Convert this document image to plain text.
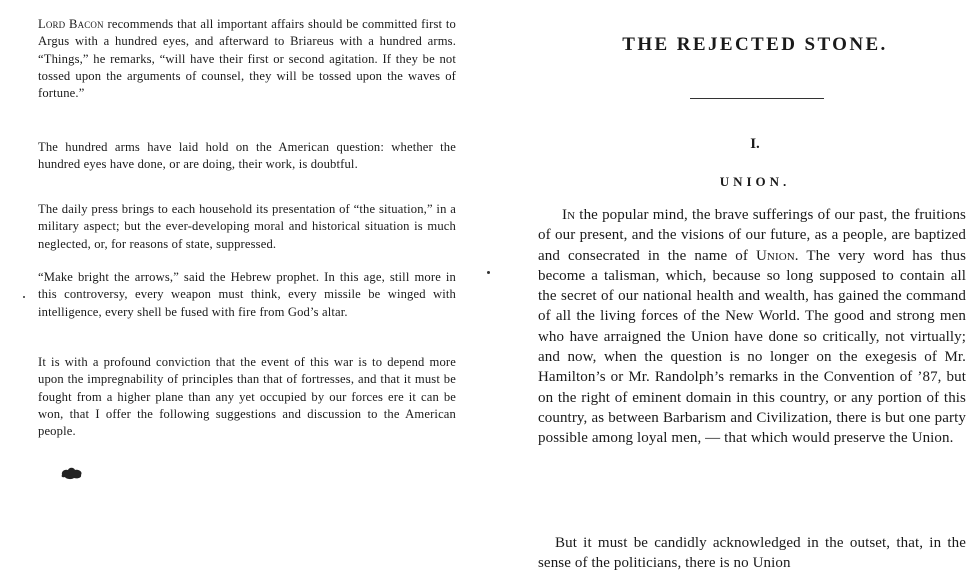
Lord Bacon recommends that all important affairs should be committed first to Argus with a hundred eyes, and afterward to Briareus with a hundred arms. “Things,” he remarks, “will have their first or second agitation. If they be not tossed upon the arguments of counsel, they will be tossed upon the waves of fortune.”

The hundred arms have laid hold on the American question: whether the hundred eyes have done, or are doing, their work, is doubtful.

The daily press brings to each household its presentation of “the situation,” in a military aspect; but the ever-developing moral and historical situation is much neglected, or, for reasons of state, suppressed.

“Make bright the arrows,” said the Hebrew prophet. In this age, still more in this controversy, every weapon must think, every missile be winged with intelligence, every shell be fused with fire from God’s altar.

It is with a profound conviction that the event of this war is to depend more upon the impregnability of principles than that of fortresses, and that it must be fought from a higher plane than any yet occupied by our forces ere it can be won, that I offer the following suggestions and discussion to the American people.

THE REJECTED STONE.
I.
UNION.

In the popular mind, the brave sufferings of our past, the fruitions of our present, and the visions of our future, as a people, are baptized and consecrated in the name of Union. The very word has thus become a talisman, which, because so long supposed to contain all the secret of our national health and wealth, has gained the command of all the living forces of the New World. The good and strong men who have arraigned the Union have done so critically, not virtually; and now, when the question is no longer on the exegesis of Mr. Hamilton’s or Mr. Randolph’s remarks in the Convention of ’87, but on the right of eminent domain in this country, or any portion of this country, as between Barbarism and Civilization, there is but one party possible among loyal men, — that which would preserve the Union.

But it must be candidly acknowledged in the outset, that, in the sense of the politicians, there is no Union
